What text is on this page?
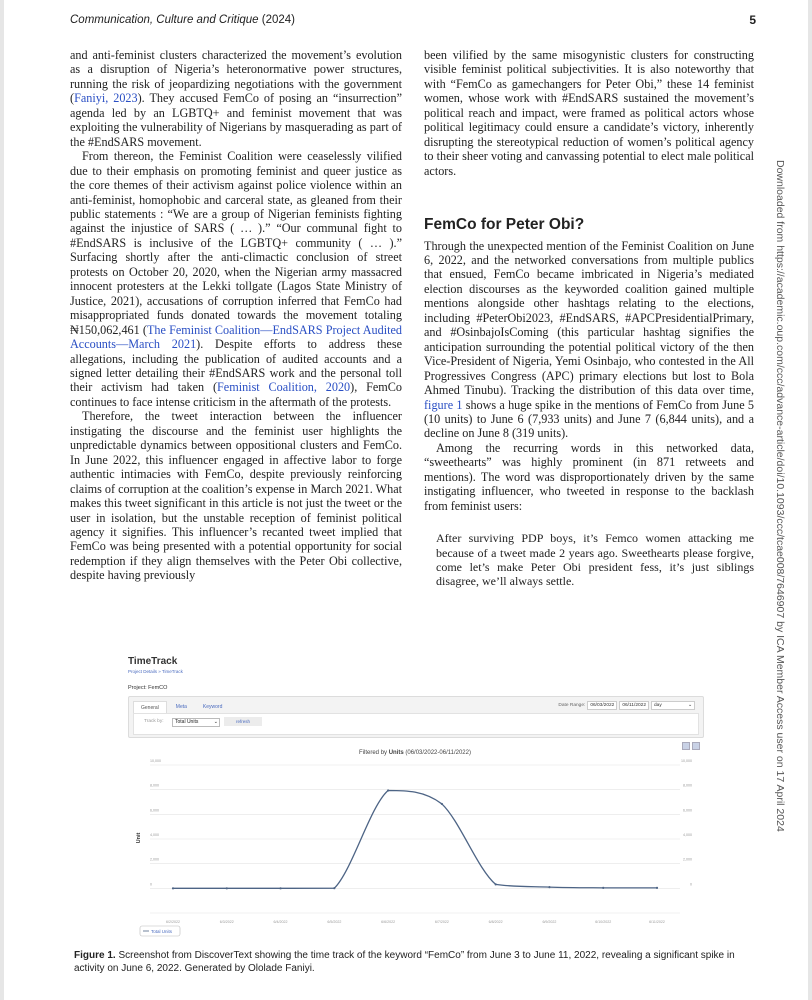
Communication, Culture and Critique (2024)	5

and anti-feminist clusters characterized the movement’s evolution as a disruption of Nigeria’s heteronormative power structures, running the risk of jeopardizing negotiations with the government (Faniyi, 2023). They accused FemCo of posing an “insurrection” agenda led by an LGBTQ+ and feminist movement that was exploiting the vulnerability of Nigerians by masquerading as part of the #EndSARS movement.

From thereon, the Feminist Coalition were ceaselessly vilified due to their emphasis on promoting feminist and queer justice as the core themes of their activism against police violence within an anti-feminist, homophobic and carceral state, as gleaned from their public statements : “We are a group of Nigerian feminists fighting against the injustice of SARS ( … ).” “Our communal fight to #EndSARS is inclusive of the LGBTQ+ community ( … ).” Surfacing shortly after the anti-climactic conclusion of street protests on October 20, 2020, when the Nigerian army massacred innocent protesters at the Lekki tollgate (Lagos State Ministry of Justice, 2021), accusations of corruption inferred that FemCo had misappropriated funds donated towards the movement totaling ₦150,062,461 (The Feminist Coalition—EndSARS Project Audited Accounts—March 2021). Despite efforts to address these allegations, including the publication of audited accounts and a signed letter detailing their #EndSARS work and the personal toll their activism had taken (Feminist Coalition, 2020), FemCo continues to face intense criticism in the aftermath of the protests.

Therefore, the tweet interaction between the influencer instigating the discourse and the feminist user highlights the unpredictable dynamics between oppositional clusters and FemCo. In June 2022, this influencer engaged in affective labor to forge authentic intimacies with FemCo, despite previously reinforcing claims of corruption at the coalition’s expense in March 2021. What makes this tweet significant in this article is not just the tweet or the user in isolation, but the unstable reception of feminist political agency it signifies. This influencer’s recanted tweet implied that FemCo was being presented with a potential opportunity for social redemption if they align themselves with the Peter Obi collective, despite having previously

been vilified by the same misogynistic clusters for constructing visible feminist political subjectivities. It is also noteworthy that with “FemCo as gamechangers for Peter Obi,” these 14 feminist women, whose work with #EndSARS sustained the movement’s political reach and impact, were framed as political actors whose political legitimacy could ensure a candidate’s victory, inherently disrupting the stereotypical reduction of women’s political agency to their sheer voting and canvassing potential to elect male political actors.

FemCo for Peter Obi?

Through the unexpected mention of the Feminist Coalition on June 6, 2022, and the networked conversations from multiple publics that ensued, FemCo became imbricated in Nigeria’s mediated election discourses as the keyworded coalition gained multiple mentions alongside other hashtags relating to the elections, including #PeterObi2023, #EndSARS, #APCPresidentialPrimary, and #OsinbajoIsComing (this particular hashtag signifies the anticipation surrounding the potential political victory of the then Vice-President of Nigeria, Yemi Osinbajo, who contested in the All Progressives Congress (APC) primary elections but lost to Bola Ahmed Tinubu). Tracking the distribution of this data over time, figure 1 shows a huge spike in the mentions of FemCo from June 5 (10 units) to June 6 (7,933 units) and June 7 (6,844 units), and a decline on June 8 (319 units).

Among the recurring words in this networked data, “sweethearts” was highly prominent (in 871 retweets and mentions). The word was disproportionately driven by the same instigating influencer, who tweeted in response to the backlash from feminist users:

After surviving PDP boys, it’s Femco women attacking me because of a tweet made 2 years ago. Sweethearts please forgive, come let’s make Peter Obi president fess, it’s just siblings disagree, we’ll always settle.	Downloaded from https://academic.oup.com/ccc/advance-article/doi/10.1093/ccc/tcae008/7646907 by ICA Member Access user on 17 April 2024
TimeTrack
Project Details » TimeTrack
Project: FemCO
General	Meta	Keyword	Date Range:	06/03/2022	06/11/2022	day	⌄
Track by:	Total Units	⌄	refresh
Filtered by Units (06/03/2022-06/11/2022)
0
2,000
4,000
6,000
8,000
10,000
0
2,000
4,000
6,000
8,000
10,000
6/2/2022	6/3/2022	6/4/2022	6/5/2022	6/6/2022	6/7/2022	6/8/2022	6/9/2022	6/10/2022	6/11/2022
Unit
Total Units
Figure 1. Screenshot from DiscoverText showing the time track of the keyword “FemCo” from June 3 to June 11, 2022, revealing a significant spike in activity on June 6, 2022. Generated by Ololade Faniyi.
